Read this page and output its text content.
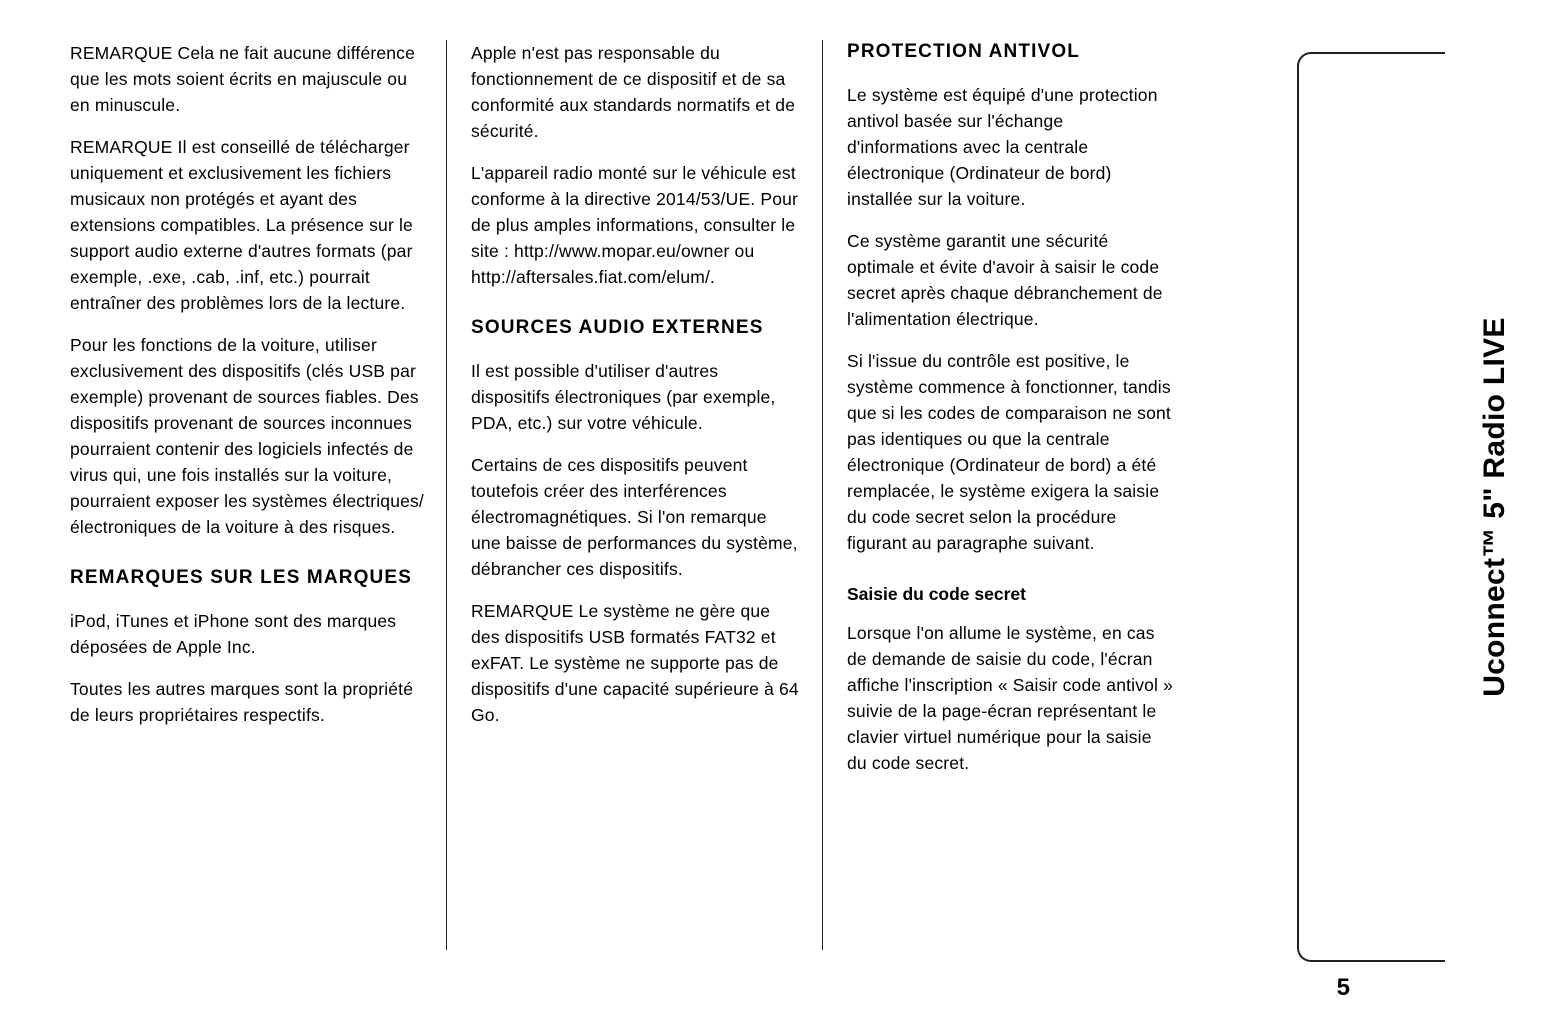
REMARQUE Cela ne fait aucune différence que les mots soient écrits en majuscule ou en minuscule.

REMARQUE Il est conseillé de télécharger uniquement et exclusivement les fichiers musicaux non protégés et ayant des extensions compatibles. La présence sur le support audio externe d'autres formats (par exemple, .exe, .cab, .inf, etc.) pourrait entraîner des problèmes lors de la lecture.

Pour les fonctions de la voiture, utiliser exclusivement des dispositifs (clés USB par exemple) provenant de sources fiables. Des dispositifs provenant de sources inconnues pourraient contenir des logiciels infectés de virus qui, une fois installés sur la voiture, pourraient exposer les systèmes électriques/électroniques de la voiture à des risques.

REMARQUES SUR LES MARQUES

iPod, iTunes et iPhone sont des marques déposées de Apple Inc.

Toutes les autres marques sont la propriété de leurs propriétaires respectifs.

Apple n'est pas responsable du fonctionnement de ce dispositif et de sa conformité aux standards normatifs et de sécurité.

L'appareil radio monté sur le véhicule est conforme à la directive 2014/53/UE. Pour de plus amples informations, consulter le site : http://www.mopar.eu/owner ou http://aftersales.fiat.com/elum/.

SOURCES AUDIO EXTERNES

Il est possible d'utiliser d'autres dispositifs électroniques (par exemple, PDA, etc.) sur votre véhicule.

Certains de ces dispositifs peuvent toutefois créer des interférences électromagnétiques. Si l'on remarque une baisse de performances du système, débrancher ces dispositifs.

REMARQUE Le système ne gère que des dispositifs USB formatés FAT32 et exFAT. Le système ne supporte pas de dispositifs d'une capacité supérieure à 64 Go.

PROTECTION ANTIVOL

Le système est équipé d'une protection antivol basée sur l'échange d'informations avec la centrale électronique (Ordinateur de bord) installée sur la voiture.

Ce système garantit une sécurité optimale et évite d'avoir à saisir le code secret après chaque débranchement de l'alimentation électrique.

Si l'issue du contrôle est positive, le système commence à fonctionner, tandis que si les codes de comparaison ne sont pas identiques ou que la centrale électronique (Ordinateur de bord) a été remplacée, le système exigera la saisie du code secret selon la procédure figurant au paragraphe suivant.

Saisie du code secret

Lorsque l'on allume le système, en cas de demande de saisie du code, l'écran affiche l'inscription « Saisir code antivol » suivie de la page-écran représentant le clavier virtuel numérique pour la saisie du code secret.

Uconnect™ 5" Radio LIVE
5
